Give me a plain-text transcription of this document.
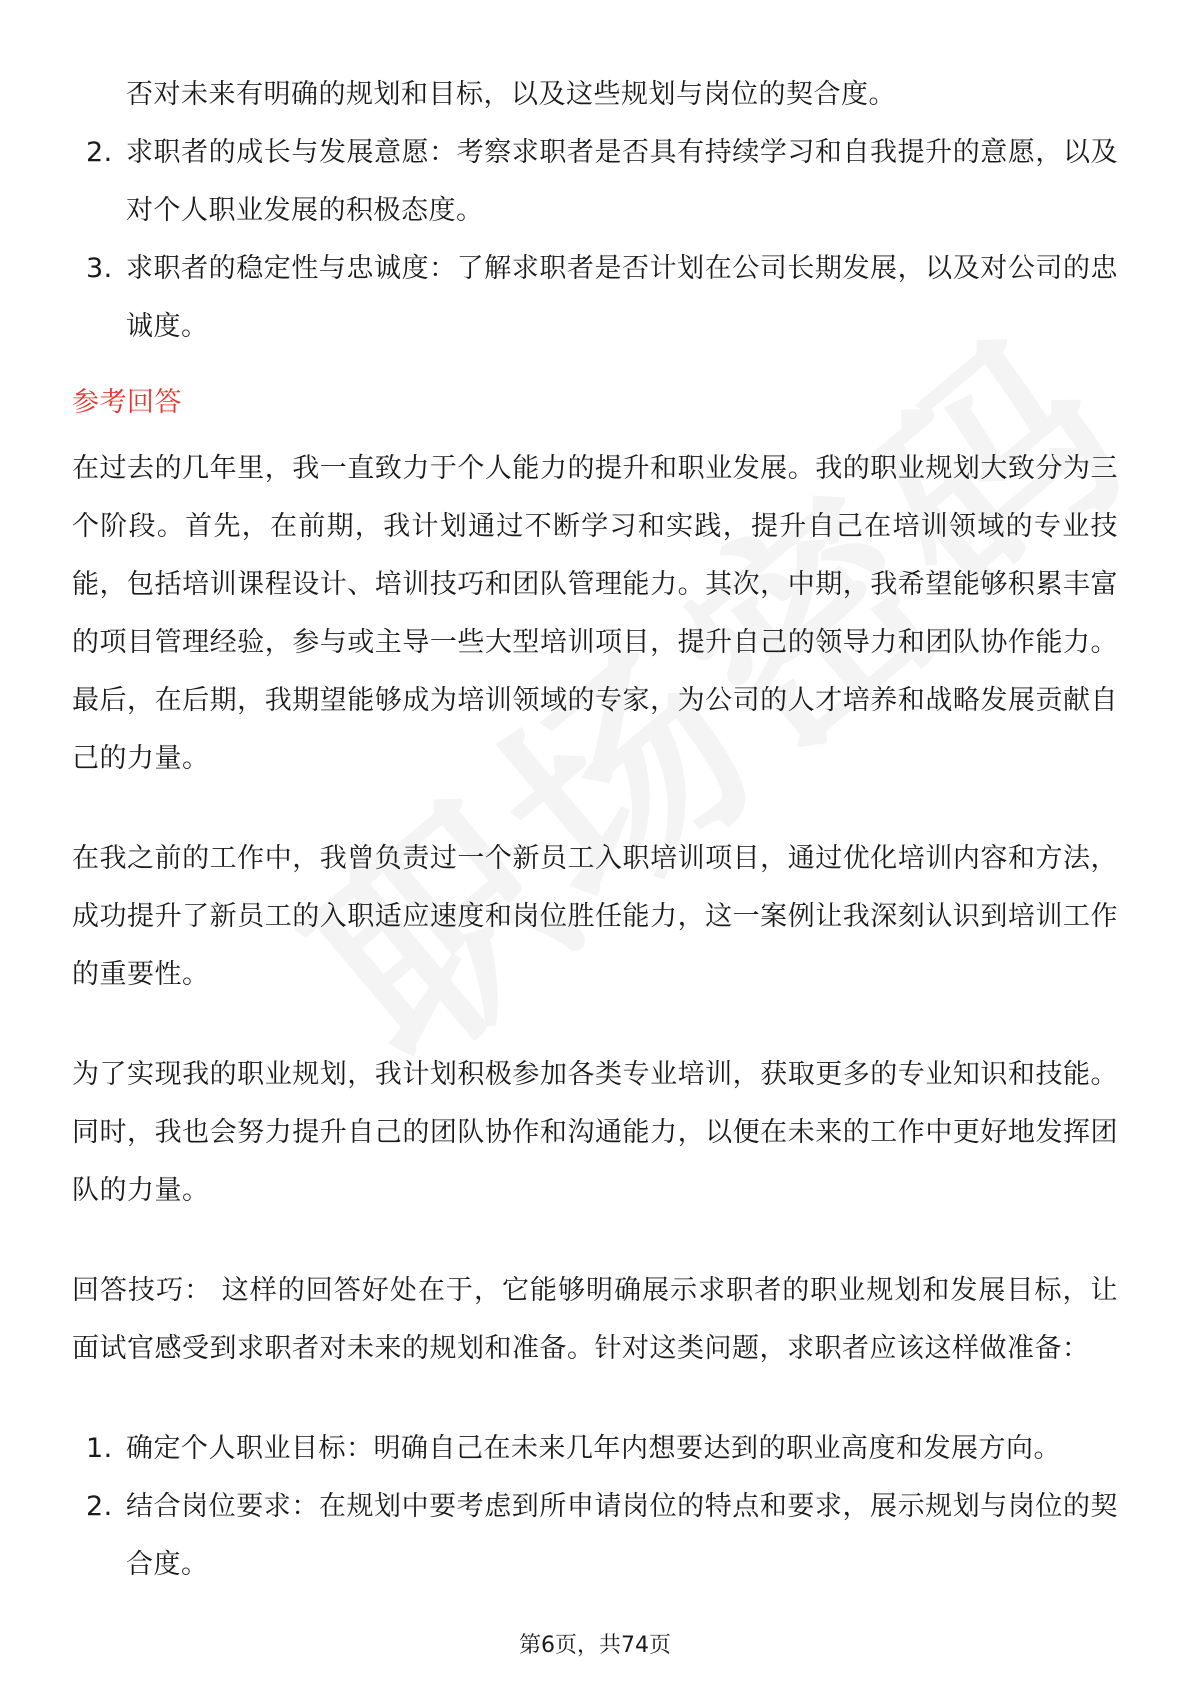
否对未来有明确的规划和目标，以及这些规划与岗位的契合度。

2. 求职者的成长与发展意愿：考察求职者是否具有持续学习和自我提升的意愿，以及对个人职业发展的积极态度。
3. 求职者的稳定性与忠诚度：了解求职者是否计划在公司长期发展，以及对公司的忠诚度。
参考回答

在过去的几年里，我一直致力于个人能力的提升和职业发展。我的职业规划大致分为三个阶段。首先，在前期，我计划通过不断学习和实践，提升自己在培训领域的专业技能，包括培训课程设计、培训技巧和团队管理能力。其次，中期，我希望能够积累丰富的项目管理经验，参与或主导一些大型培训项目，提升自己的领导力和团队协作能力。最后，在后期，我期望能够成为培训领域的专家，为公司的人才培养和战略发展贡献自己的力量。

在我之前的工作中，我曾负责过一个新员工入职培训项目，通过优化培训内容和方法，成功提升了新员工的入职适应速度和岗位胜任能力，这一案例让我深刻认识到培训工作的重要性。

为了实现我的职业规划，我计划积极参加各类专业培训，获取更多的专业知识和技能。同时，我也会努力提升自己的团队协作和沟通能力，以便在未来的工作中更好地发挥团队的力量。

回答技巧： 这样的回答好处在于，它能够明确展示求职者的职业规划和发展目标，让面试官感受到求职者对未来的规划和准备。针对这类问题，求职者应该这样做准备：

1. 确定个人职业目标：明确自己在未来几年内想要达到的职业高度和发展方向。
2. 结合岗位要求：在规划中要考虑到所申请岗位的特点和要求，展示规划与岗位的契合度。
第6页，共74页
